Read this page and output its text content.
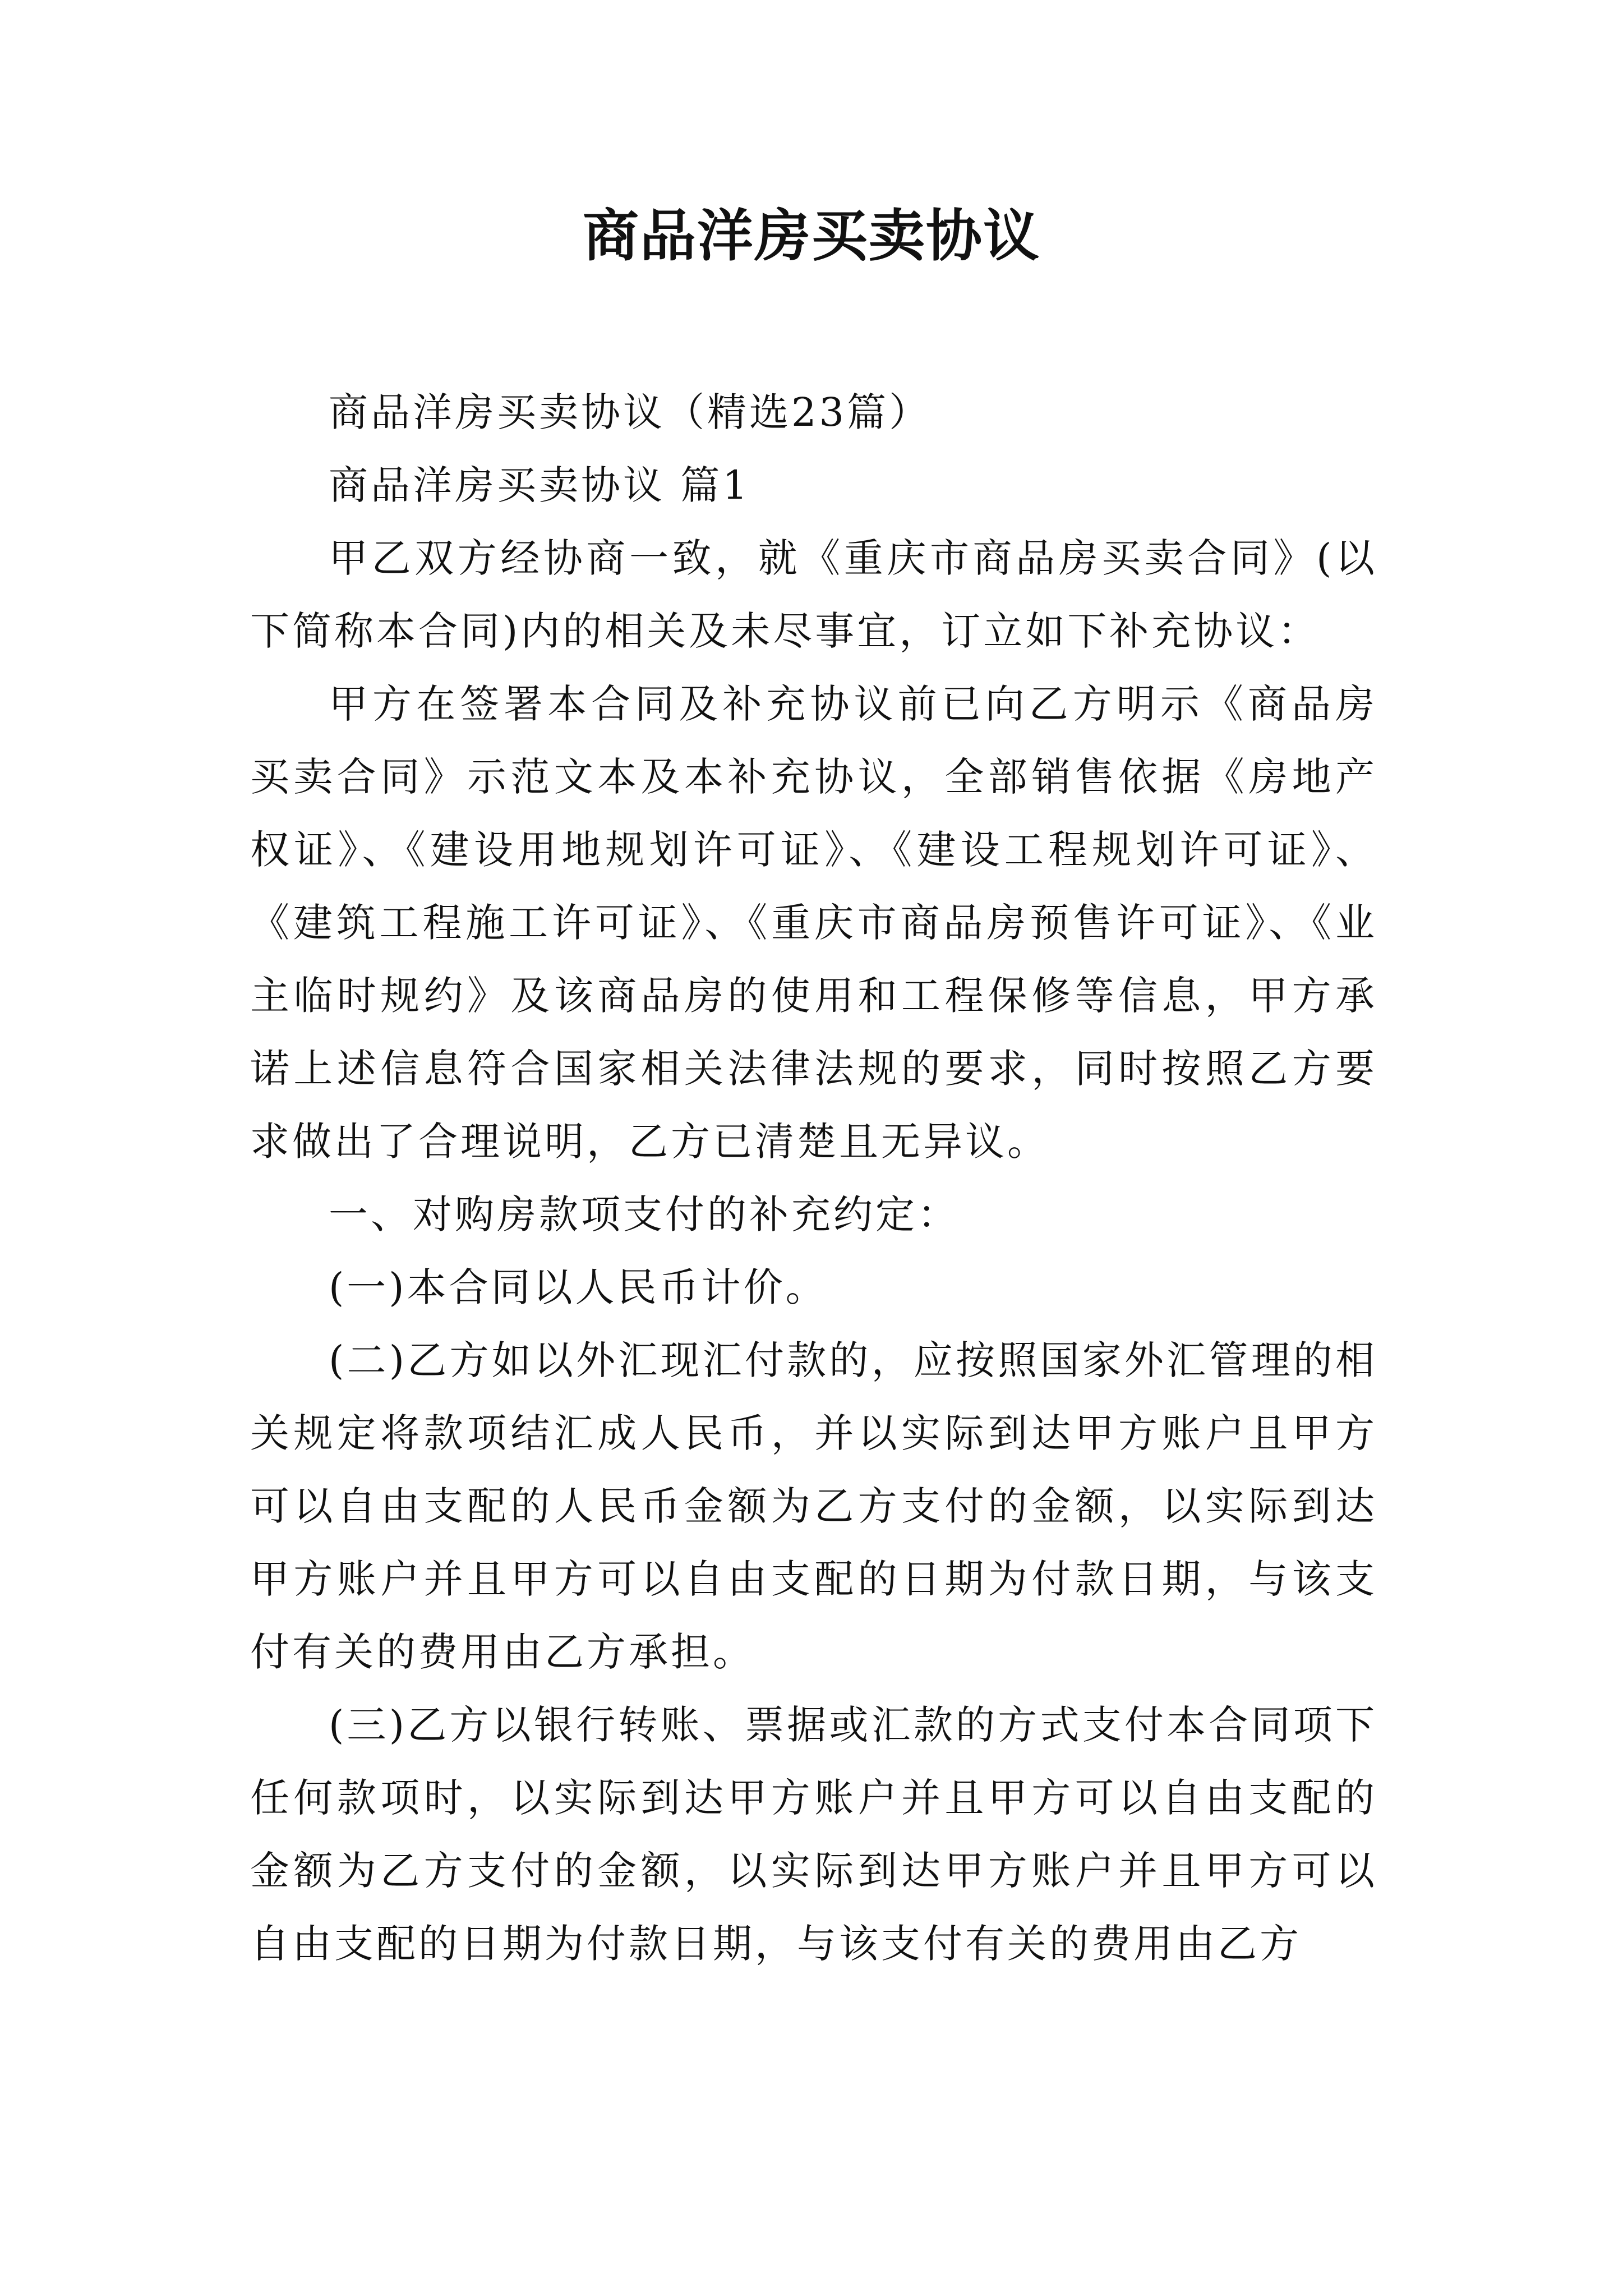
商品洋房买卖协议

商品洋房买卖协议（精选23篇）

商品洋房买卖协议 篇1

甲乙双方经协商一致，就《重庆市商品房买卖合同》(以下简称本合同)内的相关及未尽事宜，订立如下补充协议：

甲方在签署本合同及补充协议前已向乙方明示《商品房买卖合同》示范文本及本补充协议，全部销售依据《房地产权证》、《建设用地规划许可证》、《建设工程规划许可证》、《建筑工程施工许可证》、《重庆市商品房预售许可证》、《业主临时规约》及该商品房的使用和工程保修等信息，甲方承诺上述信息符合国家相关法律法规的要求，同时按照乙方要求做出了合理说明，乙方已清楚且无异议。

一、对购房款项支付的补充约定：

(一)本合同以人民币计价。

(二)乙方如以外汇现汇付款的，应按照国家外汇管理的相关规定将款项结汇成人民币，并以实际到达甲方账户且甲方可以自由支配的人民币金额为乙方支付的金额，以实际到达甲方账户并且甲方可以自由支配的日期为付款日期，与该支付有关的费用由乙方承担。

(三)乙方以银行转账、票据或汇款的方式支付本合同项下任何款项时，以实际到达甲方账户并且甲方可以自由支配的金额为乙方支付的金额，以实际到达甲方账户并且甲方可以自由支配的日期为付款日期，与该支付有关的费用由乙方
